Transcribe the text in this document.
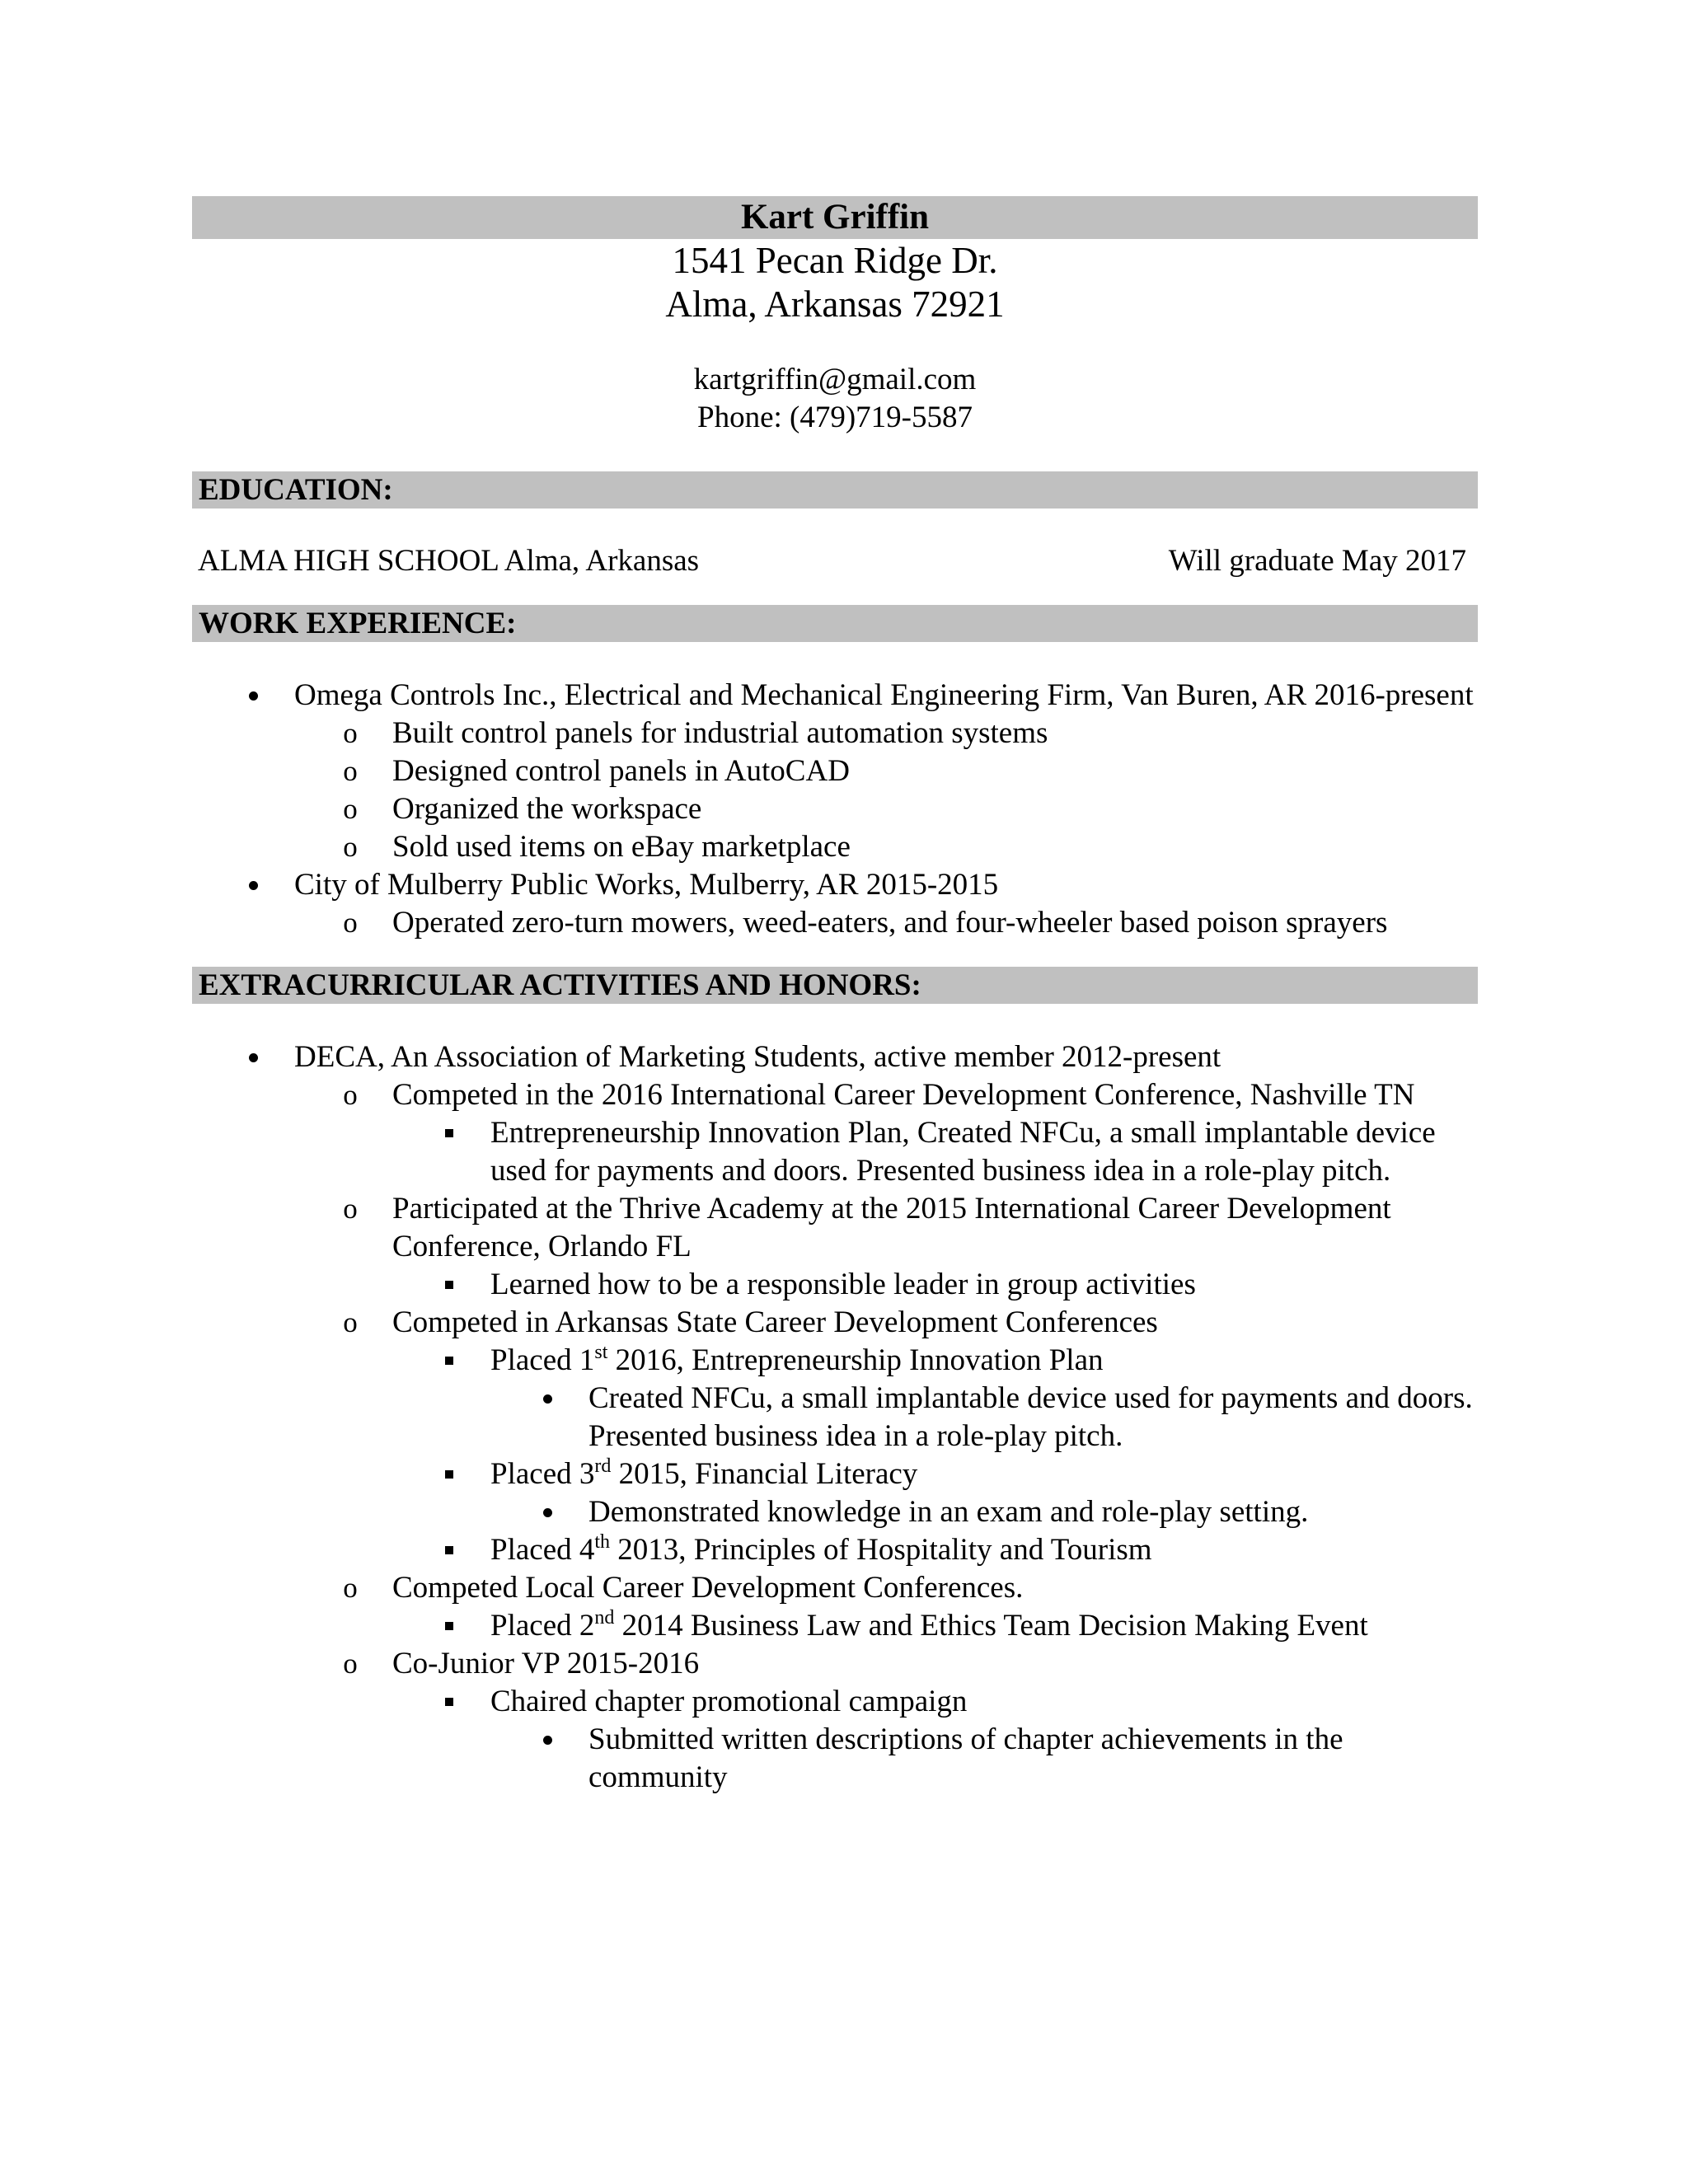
Kart Griffin
1541 Pecan Ridge Dr.
Alma, Arkansas 72921
kartgriffin@gmail.com
Phone: (479)719-5587
EDUCATION:
ALMA HIGH SCHOOL Alma, Arkansas	Will graduate May 2017
WORK EXPERIENCE:
Omega Controls Inc., Electrical and Mechanical Engineering Firm, Van Buren, AR 2016-present
o	Built control panels for industrial automation systems
o	Designed control panels in AutoCAD
o	Organized the workspace
o	Sold used items on eBay marketplace
City of Mulberry Public Works, Mulberry, AR 2015-2015
o	Operated zero-turn mowers, weed-eaters, and four-wheeler based poison sprayers
EXTRACURRICULAR ACTIVITIES AND HONORS:
DECA, An Association of Marketing Students, active member 2012-present
o	Competed in the 2016 International Career Development Conference, Nashville TN
Entrepreneurship Innovation Plan, Created NFCu, a small implantable device used for payments and doors. Presented business idea in a role-play pitch.
o	Participated at the Thrive Academy at the 2015 International Career Development Conference, Orlando FL
Learned how to be a responsible leader in group activities
o	Competed in Arkansas State Career Development Conferences
Placed 1st 2016, Entrepreneurship Innovation Plan
Created NFCu, a small implantable device used for payments and doors. Presented business idea in a role-play pitch.
Placed 3rd 2015, Financial Literacy
Demonstrated knowledge in an exam and role-play setting.
Placed 4th 2013, Principles of Hospitality and Tourism
o	Competed Local Career Development Conferences.
Placed 2nd 2014 Business Law and Ethics Team Decision Making Event
o	Co-Junior VP 2015-2016
Chaired chapter promotional campaign
Submitted written descriptions of chapter achievements in the community
